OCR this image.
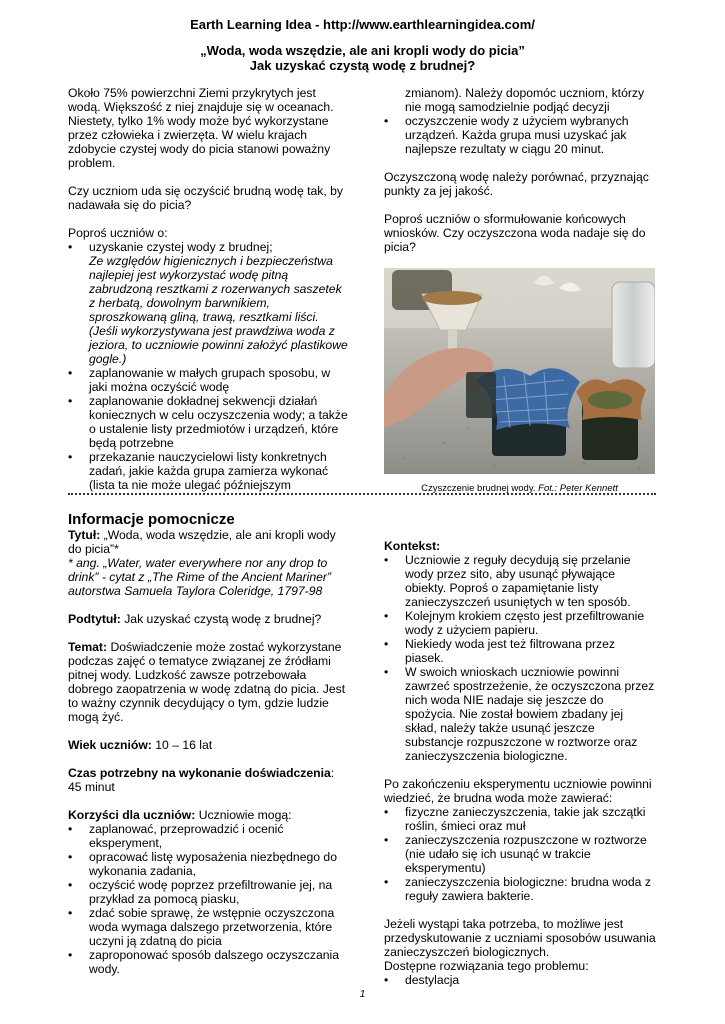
Earth Learning Idea - http://www.earthlearningidea.com/
„Woda, woda wszędzie, ale ani kropli wody do picia”
Jak uzyskać czystą wodę z brudnej?

Około 75% powierzchni Ziemi przykrytych jest wodą. Większość z niej znajduje się w oceanach. Niestety, tylko 1% wody może być wykorzystane przez człowieka i zwierzęta. W wielu krajach zdobycie czystej wody do picia stanowi poważny problem.

Czy uczniom uda się oczyścić brudną wodę tak, by nadawała się do picia?

Poproś uczniów o:

• uzyskanie czystej wody z brudnej;
Ze względów higienicznych i bezpieczeństwa najlepiej jest wykorzystać wodę pitną zabrudzoną resztkami z rozerwanych saszetek z herbatą, dowolnym barwnikiem, sproszkowaną gliną, trawą, resztkami liści. (Jeśli wykorzystywana jest prawdziwa woda z jeziora, to uczniowie powinni założyć plastikowe gogle.)
• zaplanowanie w małych grupach sposobu, w jaki można oczyścić wodę
• zaplanowanie dokładnej sekwencji działań koniecznych w celu oczyszczenia wody; a także o ustalenie listy przedmiotów i urządzeń, które będą potrzebne
• przekazanie nauczycielowi listy konkretnych zadań, jakie każda grupa zamierza wykonać (lista ta nie może ulegać późniejszym

zmianom). Należy dopomóc uczniom, którzy nie mogą samodzielnie podjąć decyzji

• oczyszczenie wody z użyciem wybranych urządzeń. Każda grupa musi uzyskać jak najlepsze rezultaty w ciągu 20 minut.

Oczyszczoną wodę należy porównać, przyznając punkty za jej jakość.

Poproś uczniów o sformułowanie końcowych wniosków. Czy oczyszczona woda nadaje się do picia?

Czyszczenie brudnej wody. Fot.: Peter Kennett

Informacje pomocnicze

Tytuł: „Woda, woda wszędzie, ale ani kropli wody do picia”*

* ang. „Water, water everywhere nor any drop to drink” - cytat z „The Rime of the Ancient Mariner” autorstwa Samuela Taylora Coleridge, 1797-98

Podtytuł: Jak uzyskać czystą wodę z brudnej?

Temat: Doświadczenie może zostać wykorzystane podczas zajęć o tematyce związanej ze źródłami pitnej wody. Ludzkość zawsze potrzebowała dobrego zaopatrzenia w wodę zdatną do picia. Jest to ważny czynnik decydujący o tym, gdzie ludzie mogą żyć.

Wiek uczniów: 10 – 16 lat

Czas potrzebny na wykonanie doświadczenia:
45 minut

Korzyści dla uczniów: Uczniowie mogą:

• zaplanować, przeprowadzić i ocenić eksperyment,
• opracować listę wyposażenia niezbędnego do wykonania zadania,
• oczyścić wodę poprzez przefiltrowanie jej, na przykład za pomocą piasku,
• zdać sobie sprawę, że wstępnie oczyszczona woda wymaga dalszego przetworzenia, które uczyni ją zdatną do picia
• zaproponować sposób dalszego oczyszczania wody.

Kontekst:

• Uczniowie z reguły decydują się przelanie wody przez sito, aby usunąć pływające obiekty. Poproś o zapamiętanie listy zanieczyszczeń usuniętych w ten sposób.
• Kolejnym krokiem często jest przefiltrowanie wody z użyciem papieru.
• Niekiedy woda jest też filtrowana przez piasek.
• W swoich wnioskach uczniowie powinni zawrzeć spostrzeżenie, że oczyszczona przez nich woda NIE nadaje się jeszcze do spożycia. Nie został bowiem zbadany jej skład, należy także usunąć jeszcze substancje rozpuszczone w roztworze oraz zanieczyszczenia biologiczne.

Po zakończeniu eksperymentu uczniowie powinni wiedzieć, że brudna woda może zawierać:

• fizyczne zanieczyszczenia, takie jak szczątki roślin, śmieci oraz muł
• zanieczyszczenia rozpuszczone w roztworze (nie udało się ich usunąć w trakcie eksperymentu)
• zanieczyszczenia biologiczne: brudna woda z reguły zawiera bakterie.

Jeżeli wystąpi taka potrzeba, to możliwe jest przedyskutowanie z uczniami sposobów usuwania zanieczyszczeń biologicznych.

Dostępne rozwiązania tego problemu:

• destylacja
1
